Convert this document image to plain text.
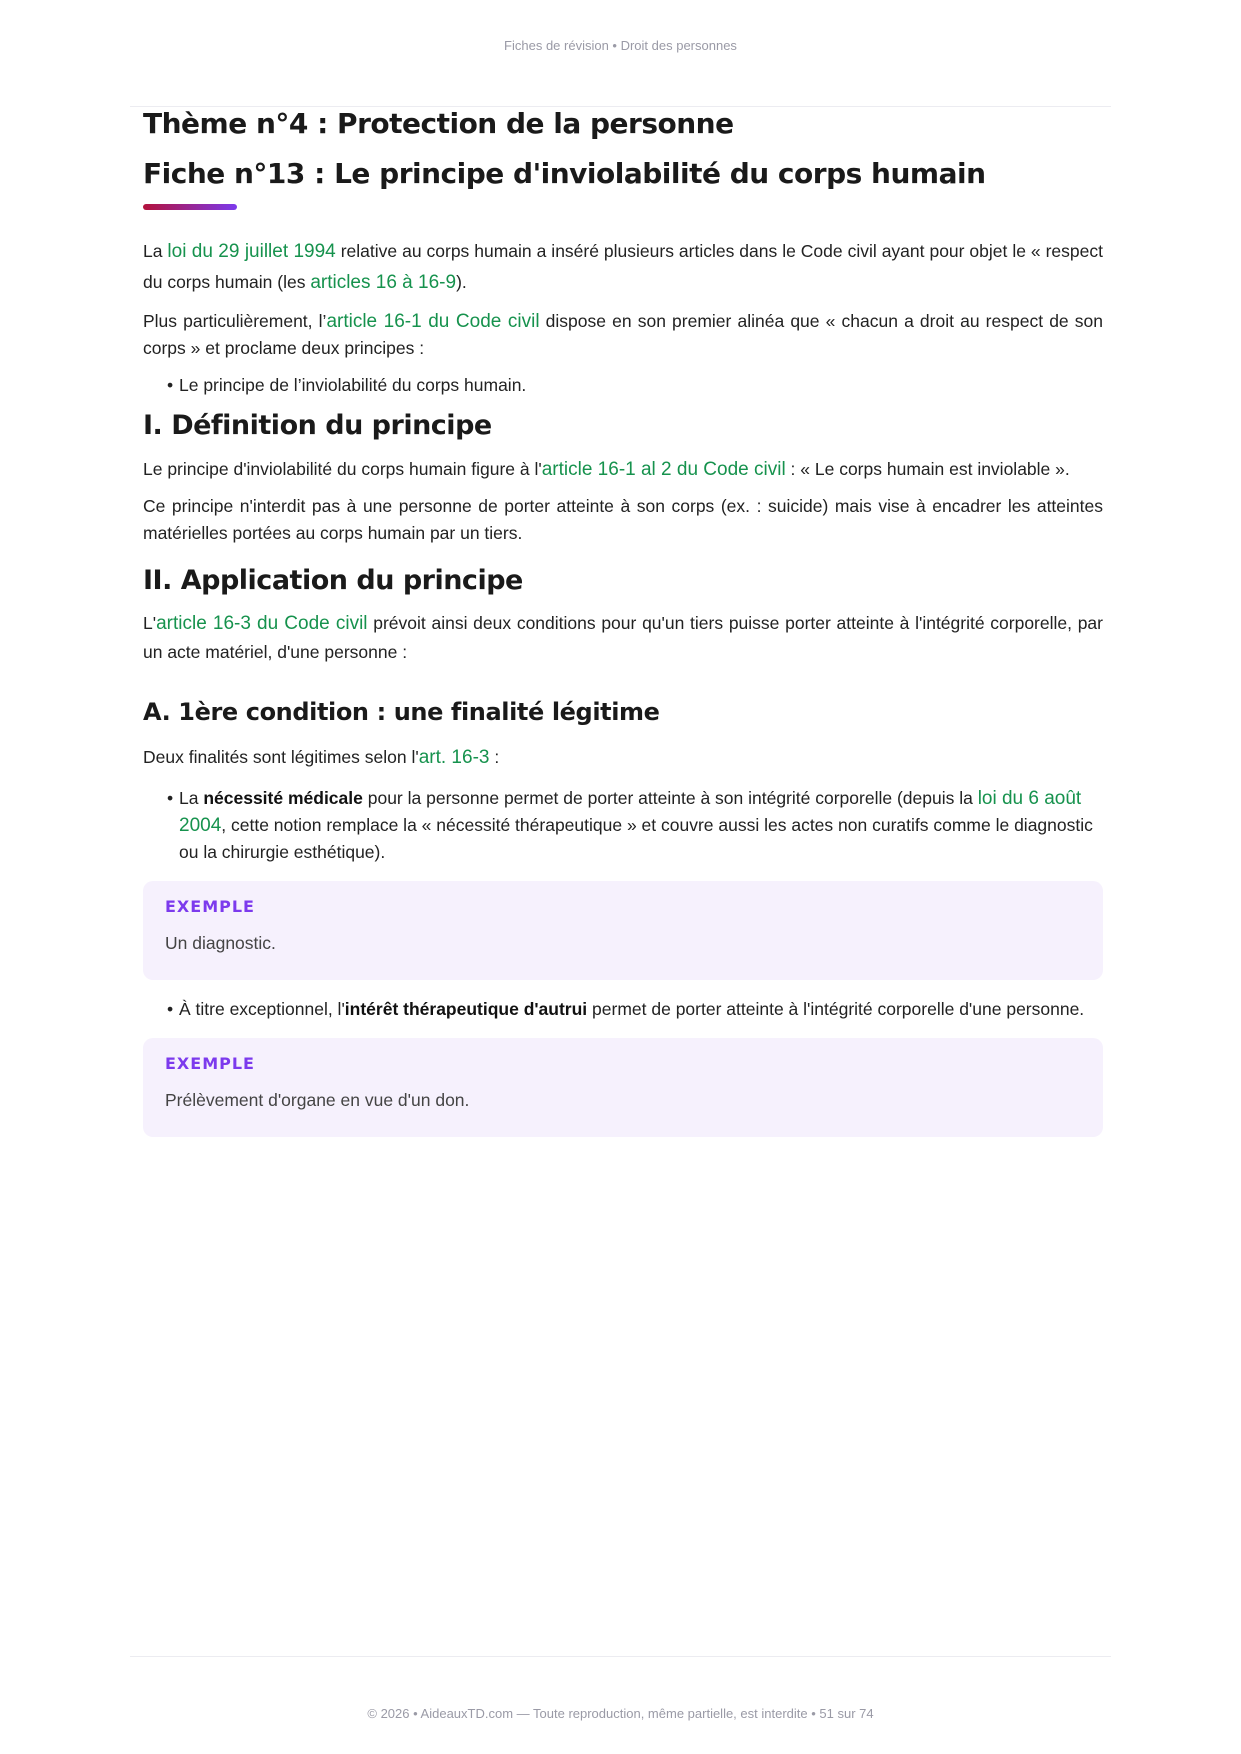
Fiches de révision • Droit des personnes
Thème n°4 : Protection de la personne
Fiche n°13 : Le principe d'inviolabilité du corps humain

La loi du 29 juillet 1994 relative au corps humain a inséré plusieurs articles dans le Code civil ayant pour objet le « respect du corps humain (les articles 16 à 16-9).

Plus particulièrement, l’article 16-1 du Code civil dispose en son premier alinéa que « chacun a droit au respect de son corps » et proclame deux principes :

• Le principe de l’inviolabilité du corps humain.
I. Définition du principe

Le principe d'inviolabilité du corps humain figure à l'article 16-1 al 2 du Code civil : « Le corps humain est inviolable ».

Ce principe n'interdit pas à une personne de porter atteinte à son corps (ex. : suicide) mais vise à encadrer les atteintes matérielles portées au corps humain par un tiers.

II. Application du principe

L'article 16-3 du Code civil prévoit ainsi deux conditions pour qu'un tiers puisse porter atteinte à l'intégrité corporelle, par un acte matériel, d'une personne :

A. 1ère condition : une finalité légitime

Deux finalités sont légitimes selon l'art. 16-3 :

• La nécessité médicale pour la personne permet de porter atteinte à son intégrité corporelle (depuis la loi du 6 août 2004, cette notion remplace la « nécessité thérapeutique » et couvre aussi les actes non curatifs comme le diagnostic ou la chirurgie esthétique).
EXEMPLE
Un diagnostic.
• À titre exceptionnel, l'intérêt thérapeutique d'autrui permet de porter atteinte à l'intégrité corporelle d'une personne.
EXEMPLE
Prélèvement d'organe en vue d'un don.
© 2026 • AideauxTD.com — Toute reproduction, même partielle, est interdite • 51 sur 74
